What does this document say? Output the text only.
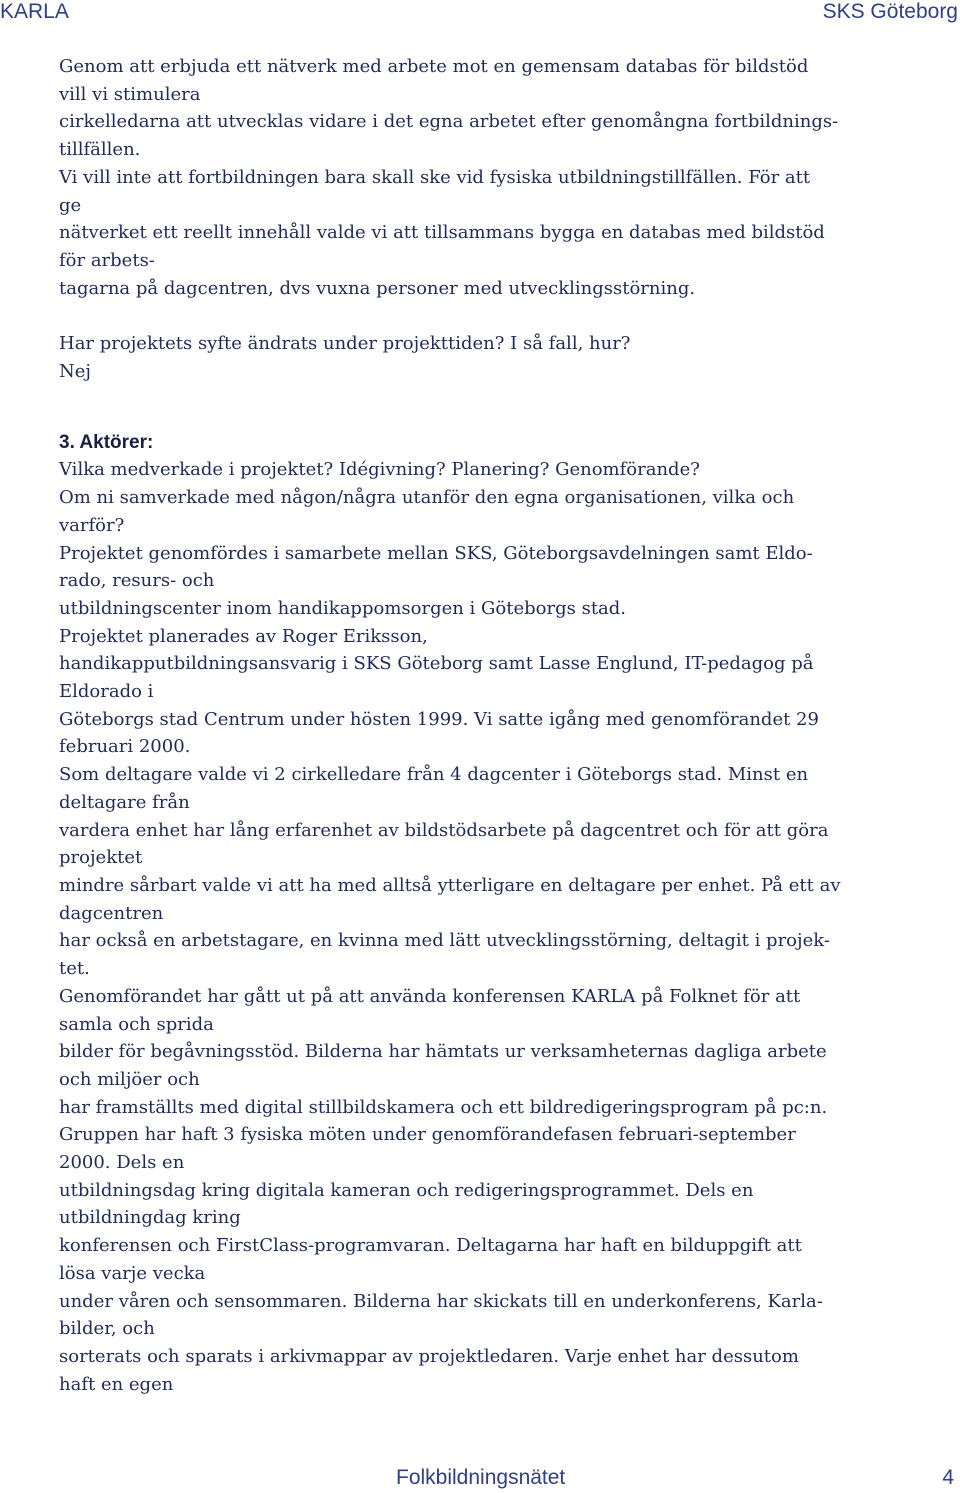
KARLA	SKS Göteborg
Genom att erbjuda ett nätverk med arbete mot en gemensam databas för bildstöd
vill vi stimulera
cirkelledarna att utvecklas vidare i det egna arbetet efter genomångna fortbildnings-
tillfällen.
Vi vill inte att fortbildningen bara skall ske vid fysiska utbildningstillfällen. För att
ge
nätverket ett reellt innehåll valde vi att tillsammans bygga en databas med bildstöd
för arbets-
tagarna på dagcentren, dvs vuxna personer med utvecklingsstörning.
Har projektets syfte ändrats under projekttiden? I så fall, hur?
Nej
3. Aktörer:
Vilka medverkade i projektet? Idégivning? Planering? Genomförande?
Om ni samverkade med någon/några utanför den egna organisationen, vilka och
varför?
Projektet genomfördes i samarbete mellan SKS, Göteborgsavdelningen samt Eldo-
rado, resurs- och
utbildningscenter inom handikappomsorgen i Göteborgs stad.
Projektet planerades av Roger Eriksson,
handikapputbildningsansvarig i SKS Göteborg samt Lasse Englund, IT-pedagog på
Eldorado i
Göteborgs stad Centrum under hösten 1999. Vi satte igång med genomförandet 29
februari 2000.
Som deltagare valde vi 2 cirkelledare från 4 dagcenter i Göteborgs stad. Minst en
deltagare från
vardera enhet har lång erfarenhet av bildstödsarbete på dagcentret och för att göra
projektet
mindre sårbart valde vi att ha med alltså ytterligare en deltagare per enhet. På ett av
dagcentren
har också en arbetstagare, en kvinna med lätt utvecklingsstörning, deltagit i projek-
tet.
Genomförandet har gått ut på att använda konferensen KARLA på Folknet för att
samla och sprida
bilder för begåvningsstöd. Bilderna har hämtats ur verksamheternas dagliga arbete
och miljöer och
har framställts med digital stillbildskamera och ett bildredigeringsprogram på pc:n.
Gruppen har haft 3 fysiska möten under genomförandefasen februari-september
2000. Dels en
utbildningsdag kring digitala kameran och redigeringsprogrammet. Dels en
utbildningdag kring
konferensen och FirstClass-programvaran. Deltagarna har haft en bilduppgift att
lösa varje vecka
under våren och sensommaren. Bilderna har skickats till en underkonferens, Karla-
bilder, och
sorterats och sparats i arkivmappar av projektledaren. Varje enhet har dessutom
haft en egen
Folkbildningsnätet	4
